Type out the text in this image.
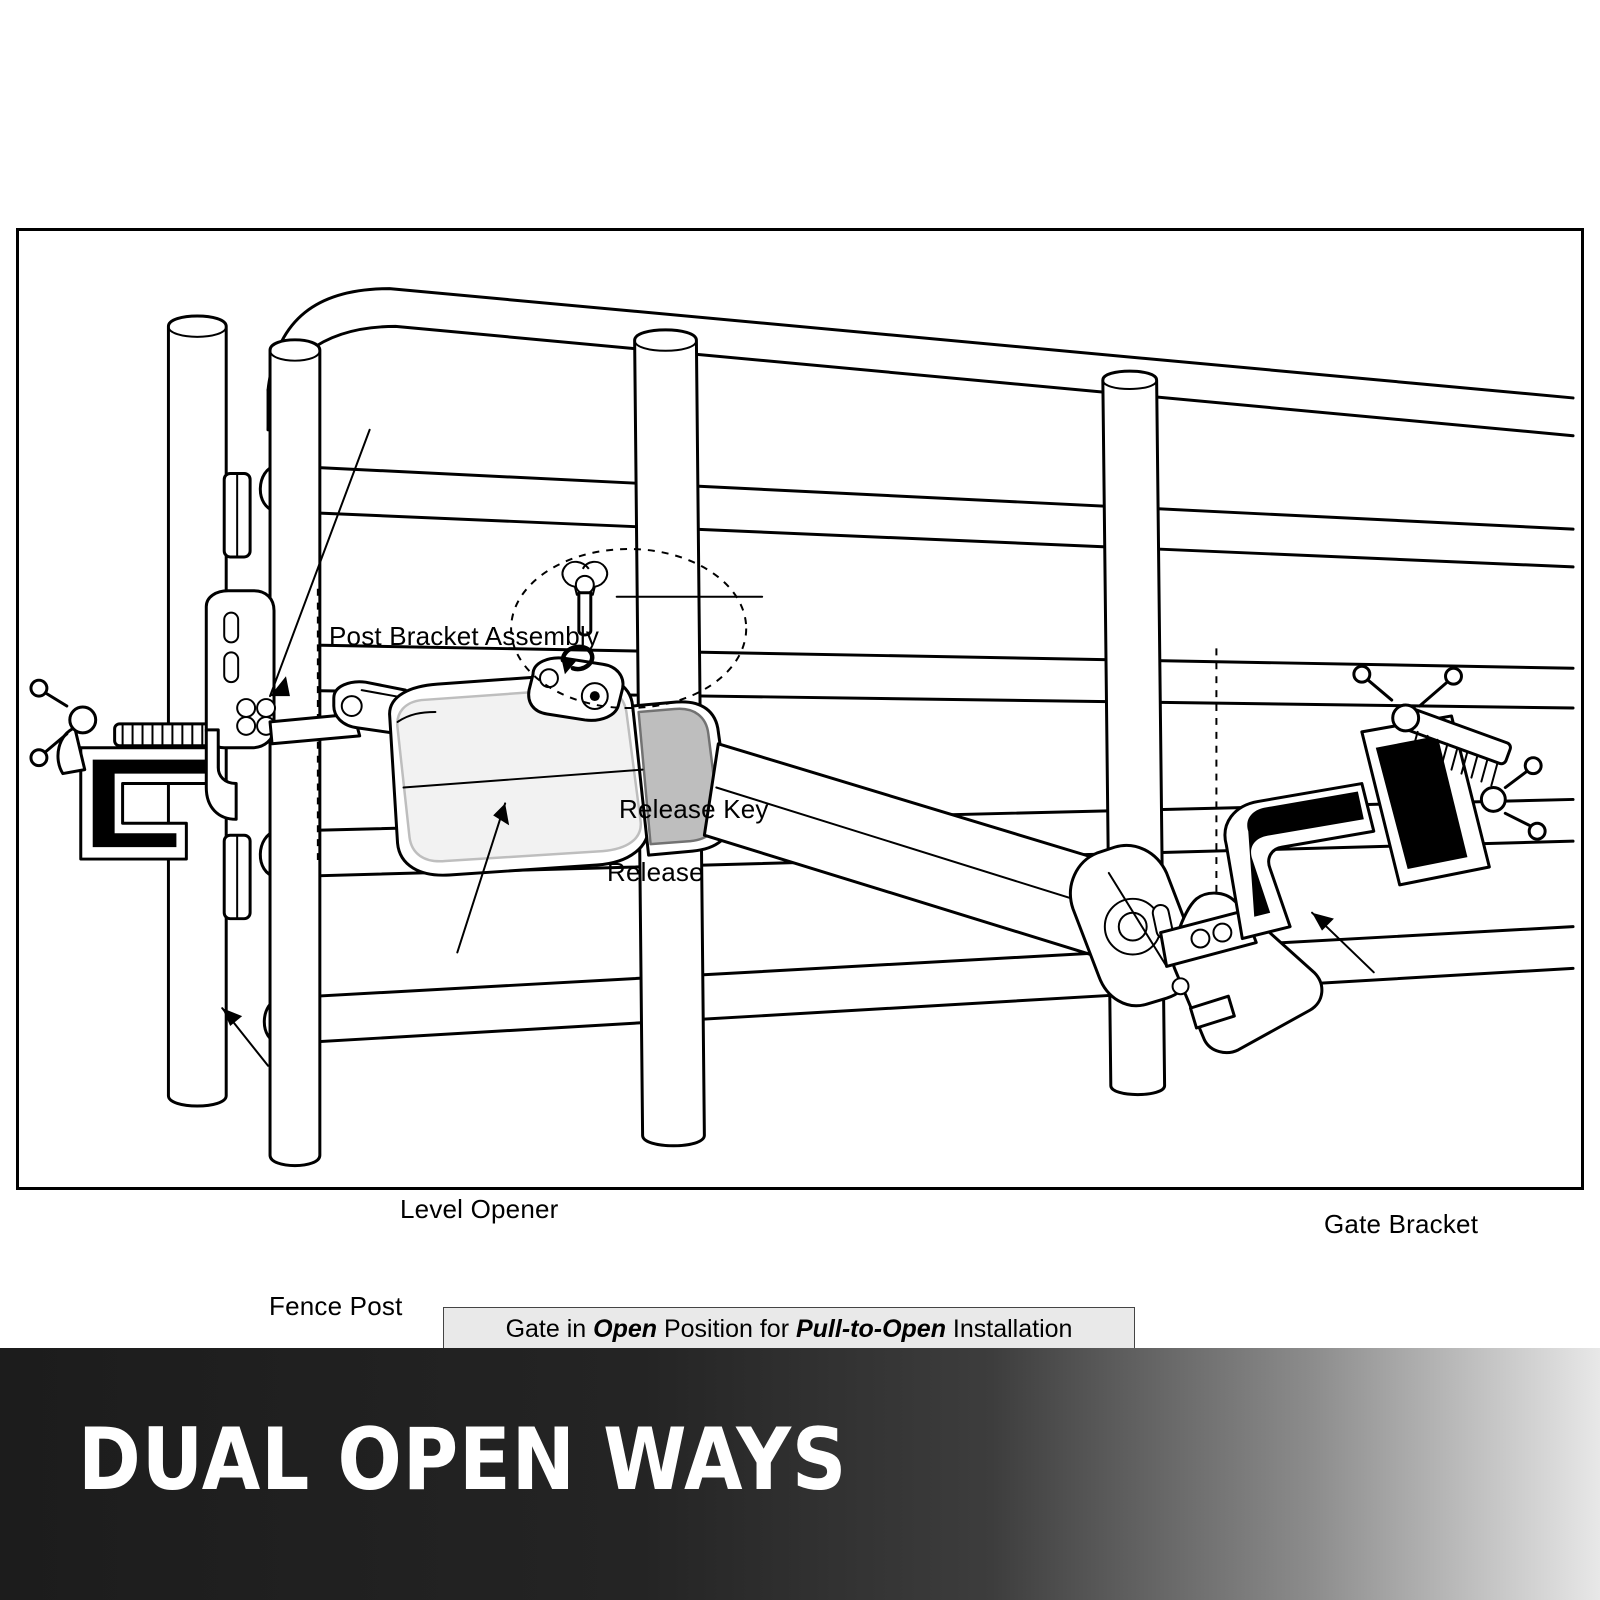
Post Bracket Assembly
Release Key
Release
Level Opener
Fence Post
Gate Bracket
Gate in Open Position for Pull-to-Open Installation
DUAL OPEN WAYS
